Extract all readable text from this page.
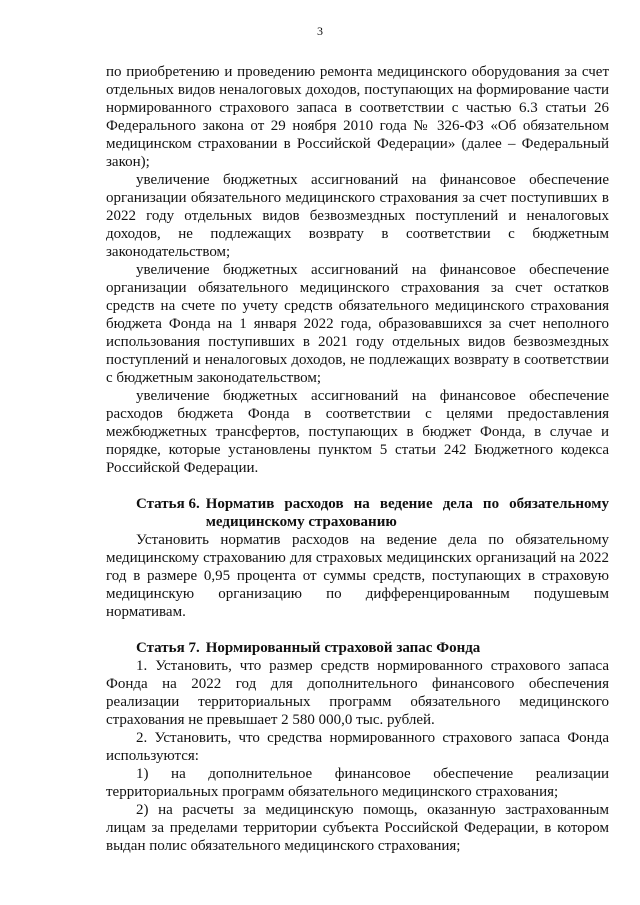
3

по приобретению и проведению ремонта медицинского оборудования за счет отдельных видов неналоговых доходов, поступающих на формирование части нормированного страхового запаса в соответствии с частью 6.3 статьи 26 Федерального закона от 29 ноября 2010 года № 326-ФЗ «Об обязательном медицинском страховании в Российской Федерации» (далее – Федеральный закон);

увеличение бюджетных ассигнований на финансовое обеспечение организации обязательного медицинского страхования за счет поступивших в 2022 году отдельных видов безвозмездных поступлений и неналоговых доходов, не подлежащих возврату в соответствии с бюджетным законодательством;

увеличение бюджетных ассигнований на финансовое обеспечение организации обязательного медицинского страхования за счет остатков средств на счете по учету средств обязательного медицинского страхования бюджета Фонда на 1 января 2022 года, образовавшихся за счет неполного использования поступивших в 2021 году отдельных видов безвозмездных поступлений и неналоговых доходов, не подлежащих возврату в соответствии с бюджетным законодательством;

увеличение бюджетных ассигнований на финансовое обеспечение расходов бюджета Фонда в соответствии с целями предоставления межбюджетных трансфертов, поступающих в бюджет Фонда, в случае и порядке, которые установлены пунктом 5 статьи 242 Бюджетного кодекса Российской Федерации.

Статья 6. Норматив расходов на ведение дела по обязательному медицинскому страхованию

Установить норматив расходов на ведение дела по обязательному медицинскому страхованию для страховых медицинских организаций на 2022 год в размере 0,95 процента от суммы средств, поступающих в страховую медицинскую организацию по дифференцированным подушевым нормативам.

Статья 7. Нормированный страховой запас Фонда

1. Установить, что размер средств нормированного страхового запаса Фонда на 2022 год для дополнительного финансового обеспечения реализации территориальных программ обязательного медицинского страхования не превышает 2 580 000,0 тыс. рублей.

2. Установить, что средства нормированного страхового запаса Фонда используются:

1) на дополнительное финансовое обеспечение реализации территориальных программ обязательного медицинского страхования;

2) на расчеты за медицинскую помощь, оказанную застрахованным лицам за пределами территории субъекта Российской Федерации, в котором выдан полис обязательного медицинского страхования;
